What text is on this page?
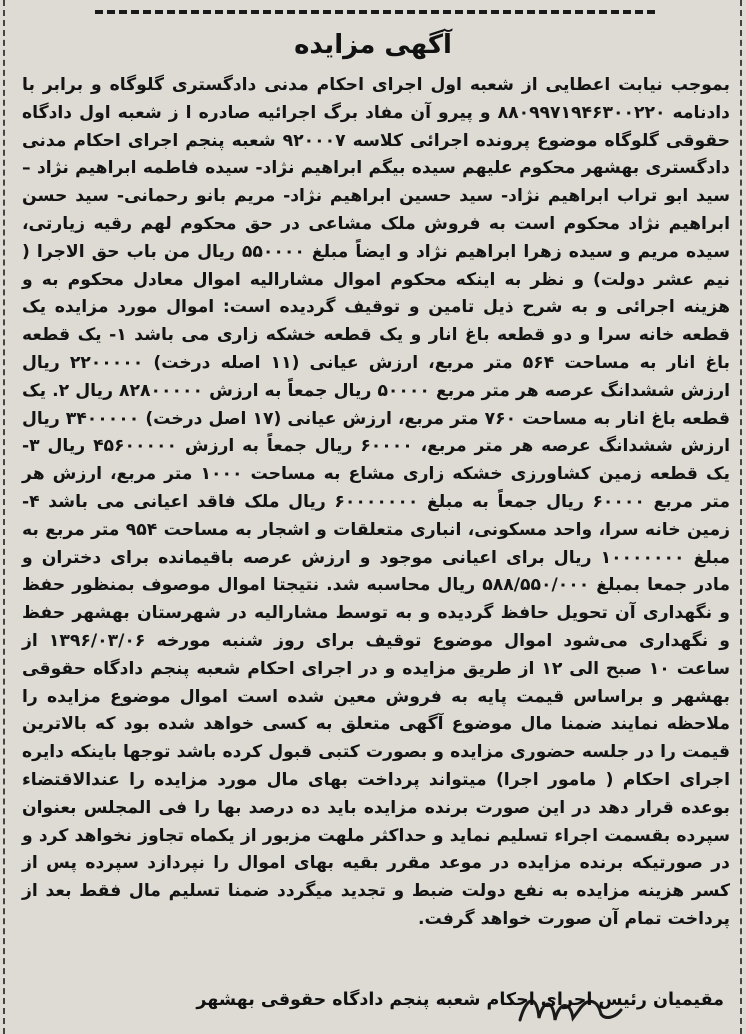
آگهی مزایده
بموجب نیابت اعطایی از شعبه اول اجرای احکام مدنی دادگستری گلوگاه و برابر با دادنامه ۸۸۰۹۹۷۱۹۴۶۳۰۰۲۲۰ و پیرو آن مفاد برگ اجرائیه صادره ا ز شعبه اول دادگاه حقوقی گلوگاه موضوع پرونده اجرائی کلاسه ۹۲۰۰۰۷ شعبه پنجم اجرای احکام مدنی دادگستری بهشهر محکوم علیهم سیده بیگم ابراهیم نژاد- سیده فاطمه ابراهیم نژاد – سید ابو تراب ابراهیم نژاد- سید حسین ابراهیم نژاد- مریم بانو رحمانی- سید حسن ابراهیم نژاد محکوم است به فروش ملک مشاعی در حق محکوم لهم رقیه زیارتی، سیده مریم و سیده زهرا ابراهیم نژاد و ایضاً مبلغ ۵۵۰۰۰۰ ریال من باب حق الاجرا ( نیم عشر دولت) و نظر به اینکه محکوم اموال مشارالیه اموال معادل محکوم به و هزینه اجرائی و به شرح ذیل تامین و توقیف گردیده است: اموال مورد مزایده یک قطعه خانه سرا و دو قطعه باغ انار و یک قطعه خشکه زاری می باشد ۱- یک قطعه باغ انار به مساحت ۵۶۴ متر مربع، ارزش عیانی (۱۱ اصله درخت) ۲۲۰۰۰۰۰ ریال ارزش ششدانگ عرصه هر متر مربع ۵۰۰۰۰ ریال جمعاً به ارزش ۸۲۸۰۰۰۰۰ ریال ۲. یک قطعه باغ انار به مساحت ۷۶۰ متر مربع، ارزش عیانی (۱۷ اصل درخت) ۳۴۰۰۰۰۰ ریال ارزش ششدانگ عرصه هر متر مربع، ۶۰۰۰۰ ریال جمعاً به ارزش ۴۵۶۰۰۰۰۰ ریال ۳- یک قطعه زمین کشاورزی خشکه زاری مشاع به مساحت ۱۰۰۰ متر مربع، ارزش هر متر مربع ۶۰۰۰۰ ریال جمعاً به مبلغ ۶۰۰۰۰۰۰۰ ریال ملک فاقد اعیانی می باشد ۴- زمین خانه سرا، واحد مسکونی، انباری متعلقات و اشجار به مساحت ۹۵۴ متر مربع به مبلغ ۱۰۰۰۰۰۰۰ ریال برای اعیانی موجود و ارزش عرصه باقیمانده برای دختران و مادر جمعا بمبلغ ۵۸۸/۵۵۰/۰۰۰ ریال محاسبه شد. نتیجتا اموال موصوف بمنظور حفظ و نگهداری آن تحویل حافظ گردیده و به توسط مشارالیه در شهرستان بهشهر حفظ و نگهداری می‌شود اموال موضوع توقیف برای روز شنبه مورخه ۱۳۹۶/۰۳/۰۶ از ساعت ۱۰ صبح الی ۱۲ از طریق مزایده و در اجرای احکام شعبه پنجم دادگاه حقوقی بهشهر و براساس قیمت پایه به فروش معین شده است اموال موضوع مزایده را ملاحظه نمایند ضمنا مال موضوع آگهی متعلق به کسی خواهد شده بود که بالاترین قیمت را در جلسه حضوری مزایده و بصورت کتبی قبول کرده باشد توجها باینکه دایره اجرای احکام ( مامور اجرا) میتواند پرداخت بهای مال مورد مزایده را عندالاقتضاء بوعده قرار دهد در این صورت برنده مزایده باید ده درصد بها را فی المجلس بعنوان سپرده بقسمت اجراء تسلیم نماید و حداکثر ملهت مزبور از یکماه تجاوز نخواهد کرد و در صورتیکه برنده مزایده در موعد مقرر بقیه بهای اموال را نپردازد سپرده پس از کسر هزینه مزایده به نفع دولت ضبط و تجدید میگردد ضمنا تسلیم مال فقط بعد از پرداخت تمام آن صورت خواهد گرفت.
مقیمیان رئیس اجرای احکام شعبه پنجم دادگاه حقوقی بهشهر
